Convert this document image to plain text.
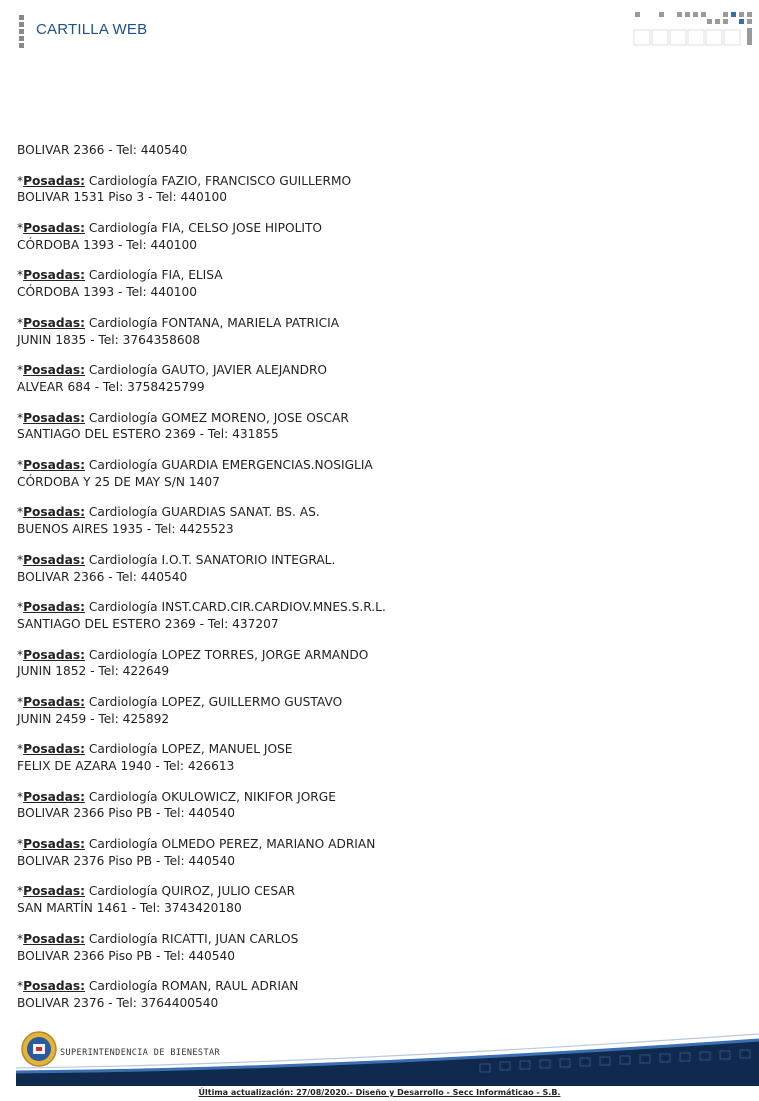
CARTILLA WEB
BOLIVAR 2366 - Tel: 440540
*Posadas: Cardiología FAZIO, FRANCISCO GUILLERMO
BOLIVAR 1531 Piso 3 - Tel: 440100
*Posadas: Cardiología FIA, CELSO JOSE HIPOLITO
CÓRDOBA 1393 - Tel: 440100
*Posadas: Cardiología FIA, ELISA
CÓRDOBA 1393 - Tel: 440100
*Posadas: Cardiología FONTANA, MARIELA PATRICIA
JUNIN 1835 - Tel: 3764358608
*Posadas: Cardiología GAUTO, JAVIER ALEJANDRO
ALVEAR 684 - Tel: 3758425799
*Posadas: Cardiología GOMEZ MORENO, JOSE OSCAR
SANTIAGO DEL ESTERO 2369 - Tel: 431855
*Posadas: Cardiología GUARDIA EMERGENCIAS.NOSIGLIA
CÓRDOBA Y 25 DE MAY S/N 1407
*Posadas: Cardiología GUARDIAS SANAT. BS. AS.
BUENOS AIRES 1935 - Tel: 4425523
*Posadas: Cardiología I.O.T. SANATORIO INTEGRAL.
BOLIVAR 2366 - Tel: 440540
*Posadas: Cardiología INST.CARD.CIR.CARDIOV.MNES.S.R.L.
SANTIAGO DEL ESTERO 2369 - Tel: 437207
*Posadas: Cardiología LOPEZ TORRES, JORGE ARMANDO
JUNIN 1852 - Tel: 422649
*Posadas: Cardiología LOPEZ, GUILLERMO GUSTAVO
JUNIN 2459 - Tel: 425892
*Posadas: Cardiología LOPEZ, MANUEL JOSE
FELIX DE AZARA 1940 - Tel: 426613
*Posadas: Cardiología OKULOWICZ, NIKIFOR JORGE
BOLIVAR 2366 Piso PB - Tel: 440540
*Posadas: Cardiología OLMEDO PEREZ, MARIANO ADRIAN
BOLIVAR 2376 Piso PB - Tel: 440540
*Posadas: Cardiología QUIROZ, JULIO CESAR
SAN MARTÍN 1461 - Tel: 3743420180
*Posadas: Cardiología RICATTI, JUAN CARLOS
BOLIVAR 2366 Piso PB - Tel: 440540
*Posadas: Cardiología ROMAN, RAUL ADRIAN
BOLIVAR 2376 - Tel: 3764400540
SUPERINTENDENCIA DE BIENESTAR
Última actualización: 27/08/2020.- Diseño y Desarrollo - Secc Informáticao - S.B.
